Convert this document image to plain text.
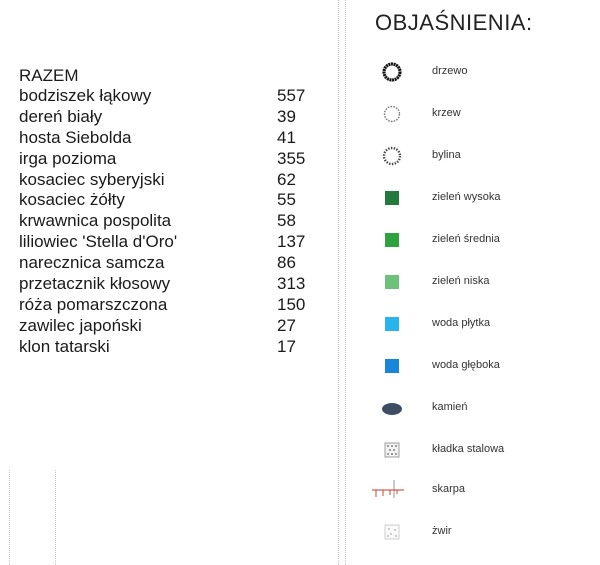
RAZEM
bodziszek łąkowy	557
dereń biały	39
hosta Siebolda	41
irga pozioma	355
kosaciec syberyjski	62
kosaciec żółty	55
krwawnica pospolita	58
liliowiec 'Stella d'Oro'	137
narecznica samcza	86
przetacznik kłosowy	313
róża pomarszczona	150
zawilec japoński	27
klon tatarski	17
OBJAŚNIENIA:
drzewo
krzew
bylina
zieleń wysoka
zieleń średnia
zieleń niska
woda płytka
woda głęboka
kamień
kładka stalowa
skarpa
żwir
